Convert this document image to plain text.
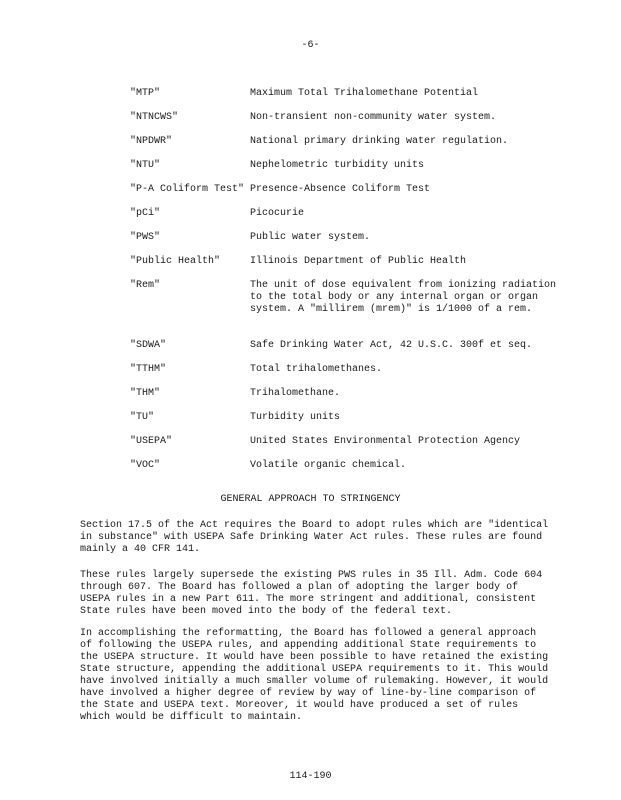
-6-
"MTP"	Maximum Total Trihalomethane Potential
"NTNCWS"	Non-transient non-community water system.
"NPDWR"	National primary drinking water regulation.
"NTU"	Nephelometric turbidity units
"P-A Coliform Test" Presence-Absence Coliform Test
"pCi"	Picocurie
"PWS"	Public water system.
"Public Health"	Illinois Department of Public Health
"Rem"	The unit of dose equivalent from ionizing radiation to the total body or any internal organ or organ system. A "millirem (mrem)" is 1/1000 of a rem.
"SDWA"	Safe Drinking Water Act, 42 U.S.C. 300f et seq.
"TTHM"	Total trihalomethanes.
"THM"	Trihalomethane.
"TU"	Turbidity units
"USEPA"	United States Environmental Protection Agency
"VOC"	Volatile organic chemical.
GENERAL APPROACH TO STRINGENCY

Section 17.5 of the Act requires the Board to adopt rules which are "identical in substance" with USEPA Safe Drinking Water Act rules. These rules are found mainly a 40 CFR 141.

These rules largely supersede the existing PWS rules in 35 Ill. Adm. Code 604 through 607. The Board has followed a plan of adopting the larger body of USEPA rules in a new Part 611. The more stringent and additional, consistent State rules have been moved into the body of the federal text.

In accomplishing the reformatting, the Board has followed a general approach of following the USEPA rules, and appending additional State requirements to the USEPA structure. It would have been possible to have retained the existing State structure, appending the additional USEPA requirements to it. This would have involved initially a much smaller volume of rulemaking. However, it would have involved a higher degree of review by way of line-by-line comparison of the State and USEPA text. Moreover, it would have produced a set of rules which would be difficult to maintain.

114-190
